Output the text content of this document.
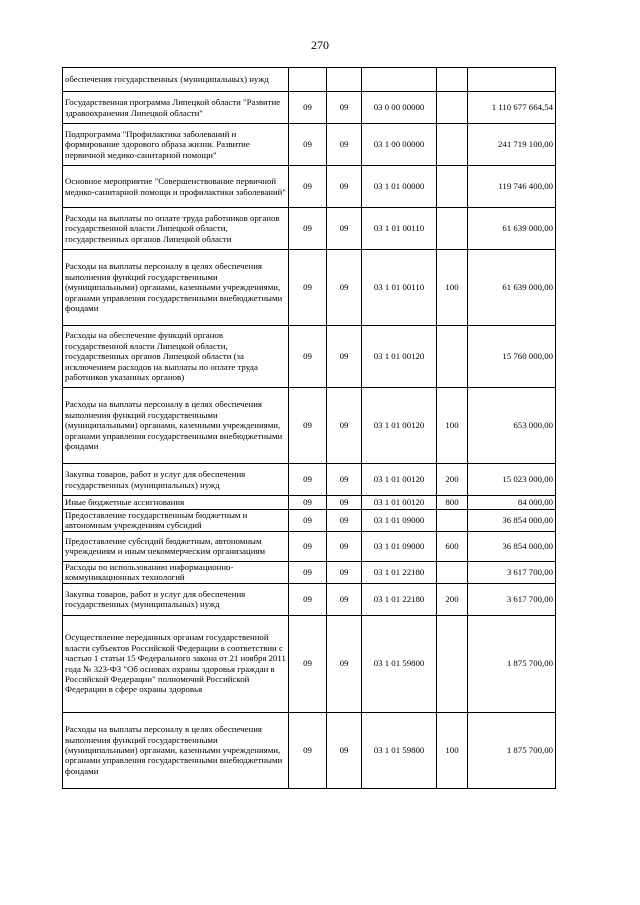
270
обеспечения государственных (муниципальных) нужд					
Государственная программа Липецкой области "Развитие здравоохранения Липецкой области"	09	09	03 0 00 00000		1 110 677 664,54
Подпрограмма "Профилактика заболеваний и формирование здорового образа жизни. Развитие первичной медико-санитарной помощи"	09	09	03 1 00 00000		241 719 100,00
Основное мероприятие "Совершенствование первичной медико-санитарной помощи и профилактики заболеваний"	09	09	03 1 01 00000		119 746 400,00
Расходы на выплаты по оплате труда работников органов государственной власти Липецкой области, государственных органов Липецкой области	09	09	03 1 01 00110		61 639 000,00
Расходы на выплаты персоналу в целях обеспечения выполнения функций государственными (муниципальными) органами, казенными учреждениями, органами управления государственными внебюджетными фондами	09	09	03 1 01 00110	100	61 639 000,00
Расходы на обеспечение функций органов государственной власти Липецкой области, государственных органов Липецкой области (за исключением расходов на выплаты по оплате труда работников указанных органов)	09	09	03 1 01 00120		15 760 000,00
Расходы на выплаты персоналу в целях обеспечения выполнения функций государственными (муниципальными) органами, казенными учреждениями, органами управления государственными внебюджетными фондами	09	09	03 1 01 00120	100	653 000,00
Закупка товаров, работ и услуг для обеспечения государственных (муниципальных) нужд	09	09	03 1 01 00120	200	15 023 000,00
Иные бюджетные ассигнования	09	09	03 1 01 00120	800	84 000,00
Предоставление государственным бюджетным и автономным учреждениям субсидий	09	09	03 1 01 09000		36 854 000,00
Предоставление субсидий бюджетным, автономным учреждениям и иным некоммерческим организациям	09	09	03 1 01 09000	600	36 854 000,00
Расходы по использованию информационно-коммуникационных технологий	09	09	03 1 01 22180		3 617 700,00
Закупка товаров, работ и услуг для обеспечения государственных (муниципальных) нужд	09	09	03 1 01 22180	200	3 617 700,00
Осуществление переданных органам государственной власти субъектов Российской Федерации в соответствии с частью 1 статьи 15 Федерального закона от 21 ноября 2011 года № 323-ФЗ "Об основах охраны здоровья граждан в Российской Федерации" полномочий Российской Федерации в сфере охраны здоровья	09	09	03 1 01 59800		1 875 700,00
Расходы на выплаты персоналу в целях обеспечения выполнения функций государственными (муниципальными) органами, казенными учреждениями, органами управления государственными внебюджетными фондами	09	09	03 1 01 59800	100	1 875 700,00
